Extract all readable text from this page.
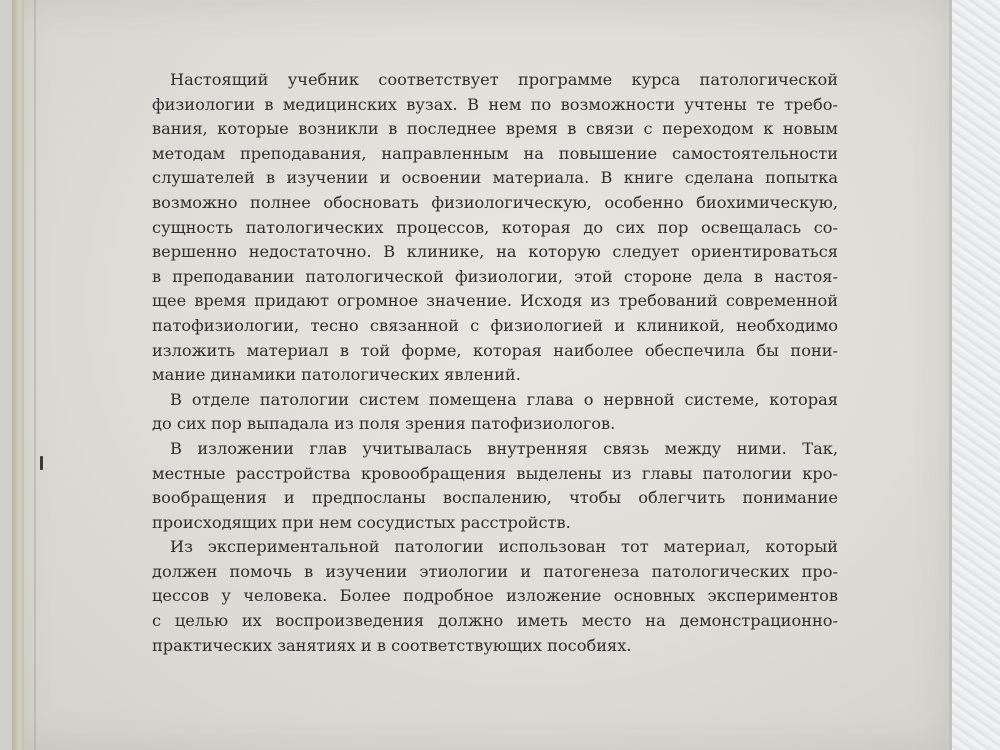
Настоящий учебник соответствует программе курса патологической
физиологии в медицинских вузах. В нем по возможности учтены те требо-
вания, которые возникли в последнее время в связи с переходом к новым
методам преподавания, направленным на повышение самостоятельности
слушателей в изучении и освоении материала. В книге сделана попытка
возможно полнее обосновать физиологическую, особенно биохимическую,
сущность патологических процессов, которая до сих пор освещалась со-
вершенно недостаточно. В клинике, на которую следует ориентироваться
в преподавании патологической физиологии, этой стороне дела в настоя-
щее время придают огромное значение. Исходя из требований современной
патофизиологии, тесно связанной с физиологией и клиникой, необходимо
изложить материал в той форме, которая наиболее обеспечила бы пони-
мание динамики патологических явлений.
В отделе патологии систем помещена глава о нервной системе, которая
до сих пор выпадала из поля зрения патофизиологов.
В изложении глав учитывалась внутренняя связь между ними. Так,
местные расстройства кровообращения выделены из главы патологии кро-
вообращения и предпосланы воспалению, чтобы облегчить понимание
происходящих при нем сосудистых расстройств.
Из экспериментальной патологии использован тот материал, который
должен помочь в изучении этиологии и патогенеза патологических про-
цессов у человека. Более подробное изложение основных экспериментов
с целью их воспроизведения должно иметь место на демонстрационно-
практических занятиях и в соответствующих пособиях.
